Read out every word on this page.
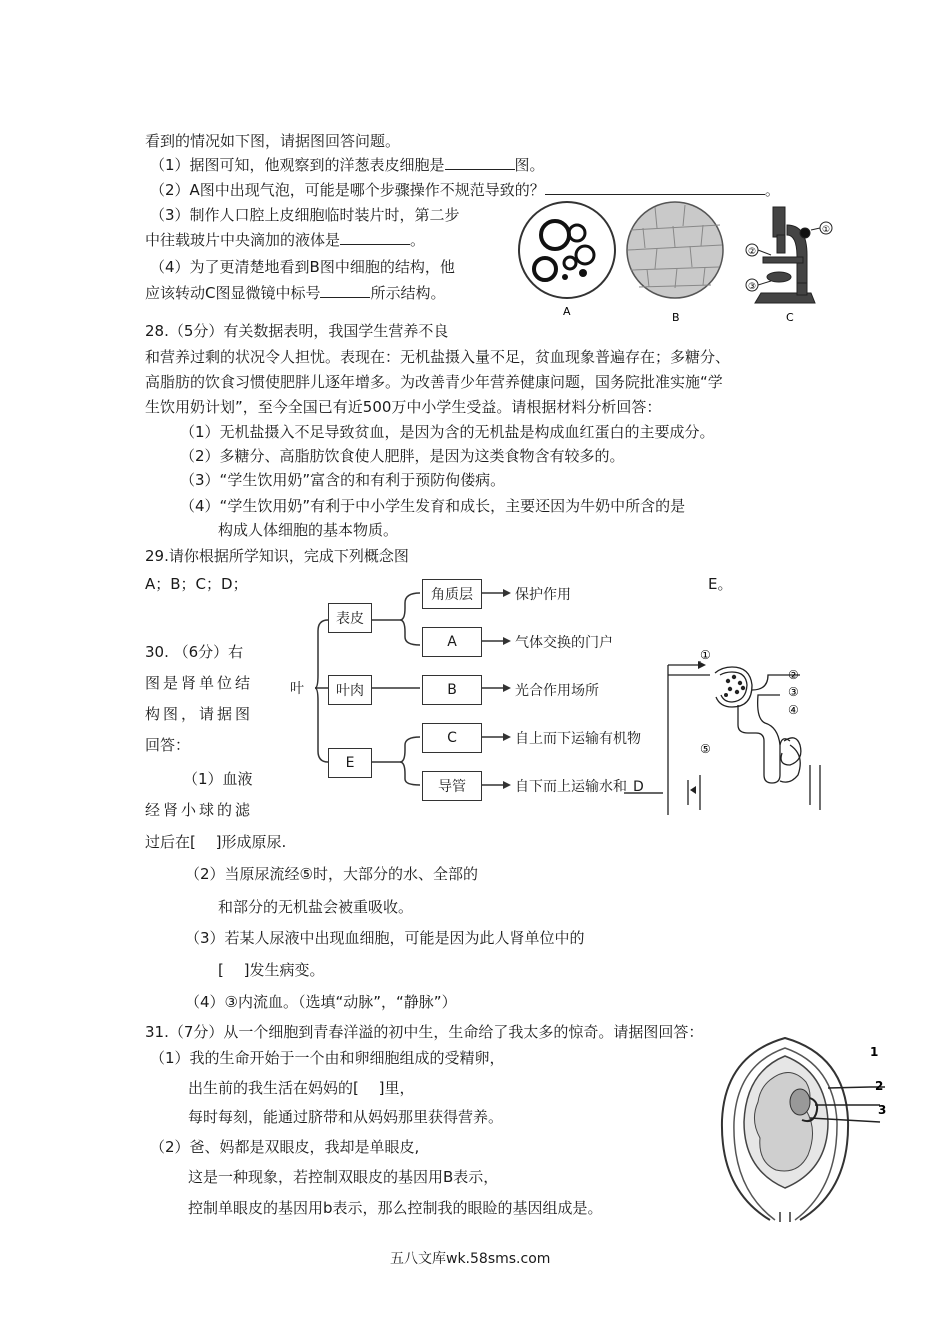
看到的情况如下图，请据图回答问题。
（1）据图可知，他观察到的洋葱表皮细胞是	图。
（2）A图中出现气泡，可能是哪个步骤操作不规范导致的？	。
（3）制作人口腔上皮细胞临时装片时，第二步
中往载玻片中央滴加的液体是	。
（4）为了更清楚地看到B图中细胞的结构，他
应该转动C图显微镜中标号	所示结构。
A	B
①
②
③
C
28.（5分）有关数据表明，我国学生营养不良
和营养过剩的状况令人担忧。表现在：无机盐摄入量不足，贫血现象普遍存在；多糖分、
高脂肪的饮食习惯使肥胖儿逐年增多。为改善青少年营养健康问题，国务院批准实施“学
生饮用奶计划”，至今全国已有近500万中小学生受益。请根据材料分析回答：
（1）无机盐摄入不足导致贫血，是因为含的无机盐是构成血红蛋白的主要成分。
（2）多糖分、高脂肪饮食使人肥胖，是因为这类食物含有较多的。
（3）“学生饮用奶”富含的和有利于预防佝偻病。
（4）“学生饮用奶”有利于中小学生发育和成长，主要还因为牛奶中所含的是
构成人体细胞的基本物质。
29.请你根据所学知识，完成下列概念图
A；B；C；D；	E。
叶
表皮
叶肉
E
角质层
A
B
C
导管
保护作用
气体交换的门户
光合作用场所
自上而下运输有机物
自下而上运输水和 D
30. （6分）右
图是肾单位结
构图，请据图
回答：
（1）血液
经肾小球的滤
过后在[　 ]形成原尿.
（2）当原尿流经⑤时，大部分的水、全部的
和部分的无机盐会被重吸收。
（3）若某人尿液中出现血细胞，可能是因为此人肾单位中的
[　 ]发生病变。
（4）③内流血。（选填“动脉”，“静脉”）
①
②
③
④
⑤
31.（7分）从一个细胞到青春洋溢的初中生，生命给了我太多的惊奇。请据图回答：
（1）我的生命开始于一个由和卵细胞组成的受精卵，
出生前的我生活在妈妈的[　 ]里，
每时每刻，能通过脐带和从妈妈那里获得营养。
（2）爸、妈都是双眼皮，我却是单眼皮,
这是一种现象，若控制双眼皮的基因用B表示，
控制单眼皮的基因用b表示，那么控制我的眼睑的基因组成是。
1
2
3
五八文库wk.58sms.com
